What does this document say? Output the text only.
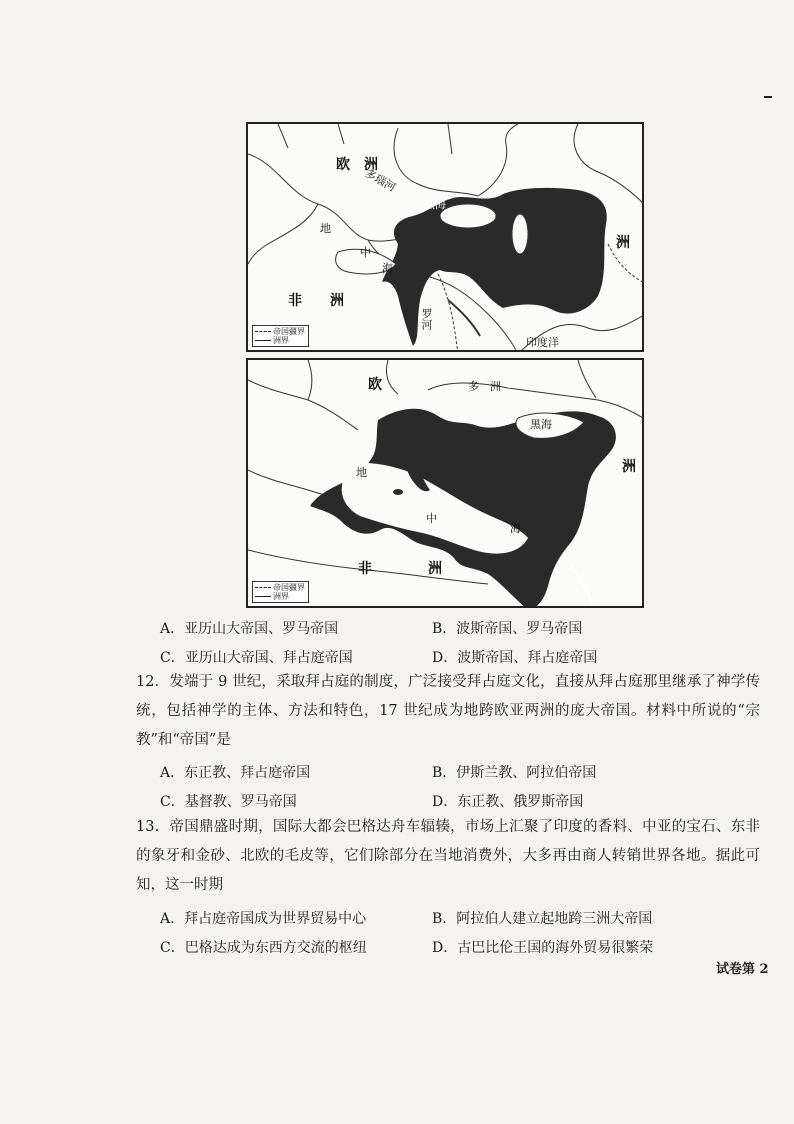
欧　洲
多瑙河
黑海
洲
地
中
海
非　　洲
罗河
印度洋
帝国疆界
洲界
欧	多　洲
黑海
洲
地
中
海
非　　　　洲
帝国疆界
洲界
A．亚历山大帝国、罗马帝国	B．波斯帝国、罗马帝国
C．亚历山大帝国、拜占庭帝国	D．波斯帝国、拜占庭帝国
12．发端于 9 世纪，采取拜占庭的制度，广泛接受拜占庭文化，直接从拜占庭那里继承了神学传统，包括神学的主体、方法和特色，17 世纪成为地跨欧亚两洲的庞大帝国。材料中所说的“宗教”和“帝国”是
A．东正教、拜占庭帝国	B．伊斯兰教、阿拉伯帝国
C．基督教、罗马帝国	D．东正教、俄罗斯帝国
13．帝国鼎盛时期，国际大都会巴格达舟车辐辏，市场上汇聚了印度的香料、中亚的宝石、东非的象牙和金砂、北欧的毛皮等，它们除部分在当地消费外，大多再由商人转销世界各地。据此可知，这一时期
A．拜占庭帝国成为世界贸易中心	B．阿拉伯人建立起地跨三洲大帝国
C．巴格达成为东西方交流的枢纽	D．古巴比伦王国的海外贸易很繁荣
试卷第 2
